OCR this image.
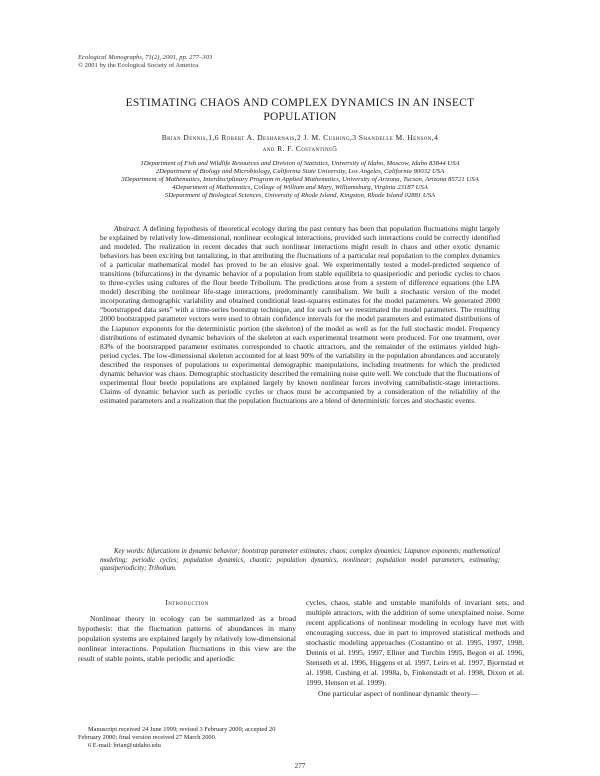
Ecological Monographs, 71(2), 2001, pp. 277–303
© 2001 by the Ecological Society of America
ESTIMATING CHAOS AND COMPLEX DYNAMICS IN AN INSECT POPULATION
Brian Dennis,1,6 Robert A. Desharnais,2 J. M. Cushing,3 Shandelle M. Henson,4
and R. F. Costantino5
1Department of Fish and Wildlife Resources and Division of Statistics, University of Idaho, Moscow, Idaho 83844 USA
2Department of Biology and Microbiology, California State University, Los Angeles, California 90032 USA
3Department of Mathematics, Interdisciplinary Program in Applied Mathematics, University of Arizona, Tucson, Arizona 85721 USA
4Department of Mathematics, College of William and Mary, Williamsburg, Virginia 23187 USA
5Department of Biological Sciences, University of Rhode Island, Kingston, Rhode Island 02881 USA

Abstract. A defining hypothesis of theoretical ecology during the past century has been that population fluctuations might largely be explained by relatively low-dimensional, nonlinear ecological interactions, provided such interactions could be correctly identified and modeled. The realization in recent decades that such nonlinear interactions might result in chaos and other exotic dynamic behaviors has been exciting but tantalizing, in that attributing the fluctuations of a particular real population to the complex dynamics of a particular mathematical model has proved to be an elusive goal. We experimentally tested a model-predicted sequence of transitions (bifurcations) in the dynamic behavior of a population from stable equilibria to quasiperiodic and periodic cycles to chaos to three-cycles using cultures of the flour beetle Tribolium. The predictions arose from a system of difference equations (the LPA model) describing the nonlinear life-stage interactions, predominantly cannibalism. We built a stochastic version of the model incorporating demographic variability and obtained conditional least-squares estimates for the model parameters. We generated 2000 “bootstrapped data sets” with a time-series bootstrap technique, and for each set we reestimated the model parameters. The resulting 2000 bootstrapped parameter vectors were used to obtain confidence intervals for the model parameters and estimated distributions of the Liapunov exponents for the deterministic portion (the skeleton) of the model as well as for the full stochastic model. Frequency distributions of estimated dynamic behaviors of the skeleton at each experimental treatment were produced. For one treatment, over 83% of the bootstrapped parameter estimates corresponded to chaotic attractors, and the remainder of the estimates yielded high-period cycles. The low-dimensional skeleton accounted for at least 90% of the variability in the population abundances and accurately described the responses of populations to experimental demographic manipulations, including treatments for which the predicted dynamic behavior was chaos. Demographic stochasticity described the remaining noise quite well. We conclude that the fluctuations of experimental flour beetle populations are explained largely by known nonlinear forces involving cannibalistic-stage interactions. Claims of dynamic behavior such as periodic cycles or chaos must be accompanied by a consideration of the reliability of the estimated parameters and a realization that the population fluctuations are a blend of deterministic forces and stochastic events.

Key words: bifurcations in dynamic behavior; bootstrap parameter estimates; chaos; complex dynamics; Liapunov exponents; mathematical modeling; periodic cycles; population dynamics, chaotic; population dynamics, nonlinear; population model parameters, estimating; quasiperiodicity; Tribolium.

Introduction

Nonlinear theory in ecology can be summarized as a broad hypothesis: that the fluctuation patterns of abundances in many population systems are explained largely by relatively low-dimensional nonlinear interactions. Population fluctuations in this view are the result of stable points, stable periodic and aperiodic

cycles, chaos, stable and unstable manifolds of invariant sets, and multiple attractors, with the addition of some unexplained noise. Some recent applications of nonlinear modeling in ecology have met with encouraging success, due in part to improved statistical methods and stochastic modeling approaches (Costantino et al. 1995, 1997, 1998, Dennis et al. 1995, 1997, Ellner and Turchin 1995, Begon et al. 1996, Stenseth et al. 1996, Higgens et al. 1997, Leirs et al. 1997, Bjornstad et al. 1998, Cushing et al. 1998a, b, Finkenstadt et al. 1998, Dixon et al. 1999, Henson et al. 1999).

One particular aspect of nonlinear dynamic theory—

Manuscript received 24 June 1999; revised 3 February 2000; accepted 20 February 2000; final version received 27 March 2000.
6 E-mail: brian@uidaho.edu
277
